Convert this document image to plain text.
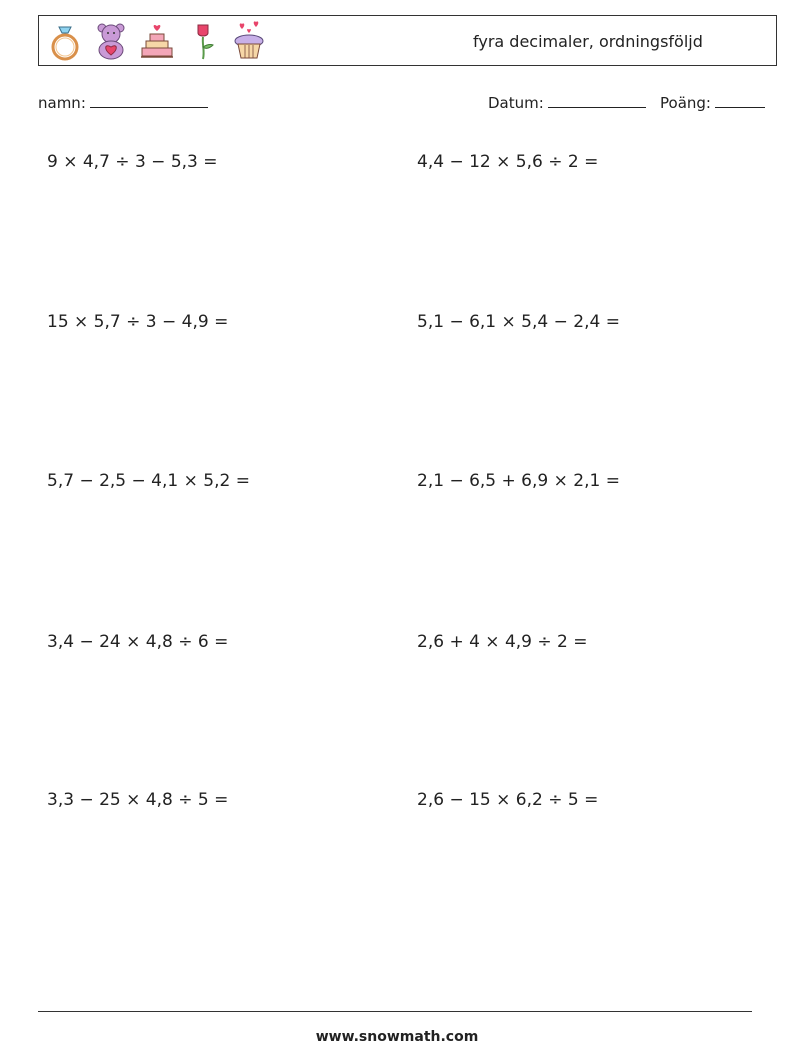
fyra decimaler, ordningsföljd
namn:	Datum:	Poäng:
9 × 4,7 ÷ 3 − 5,3 =	4,4 − 12 × 5,6 ÷ 2 =
15 × 5,7 ÷ 3 − 4,9 =	5,1 − 6,1 × 5,4 − 2,4 =
5,7 − 2,5 − 4,1 × 5,2 =	2,1 − 6,5 + 6,9 × 2,1 =
3,4 − 24 × 4,8 ÷ 6 =	2,6 + 4 × 4,9 ÷ 2 =
3,3 − 25 × 4,8 ÷ 5 =	2,6 − 15 × 6,2 ÷ 5 =
www.snowmath.com
